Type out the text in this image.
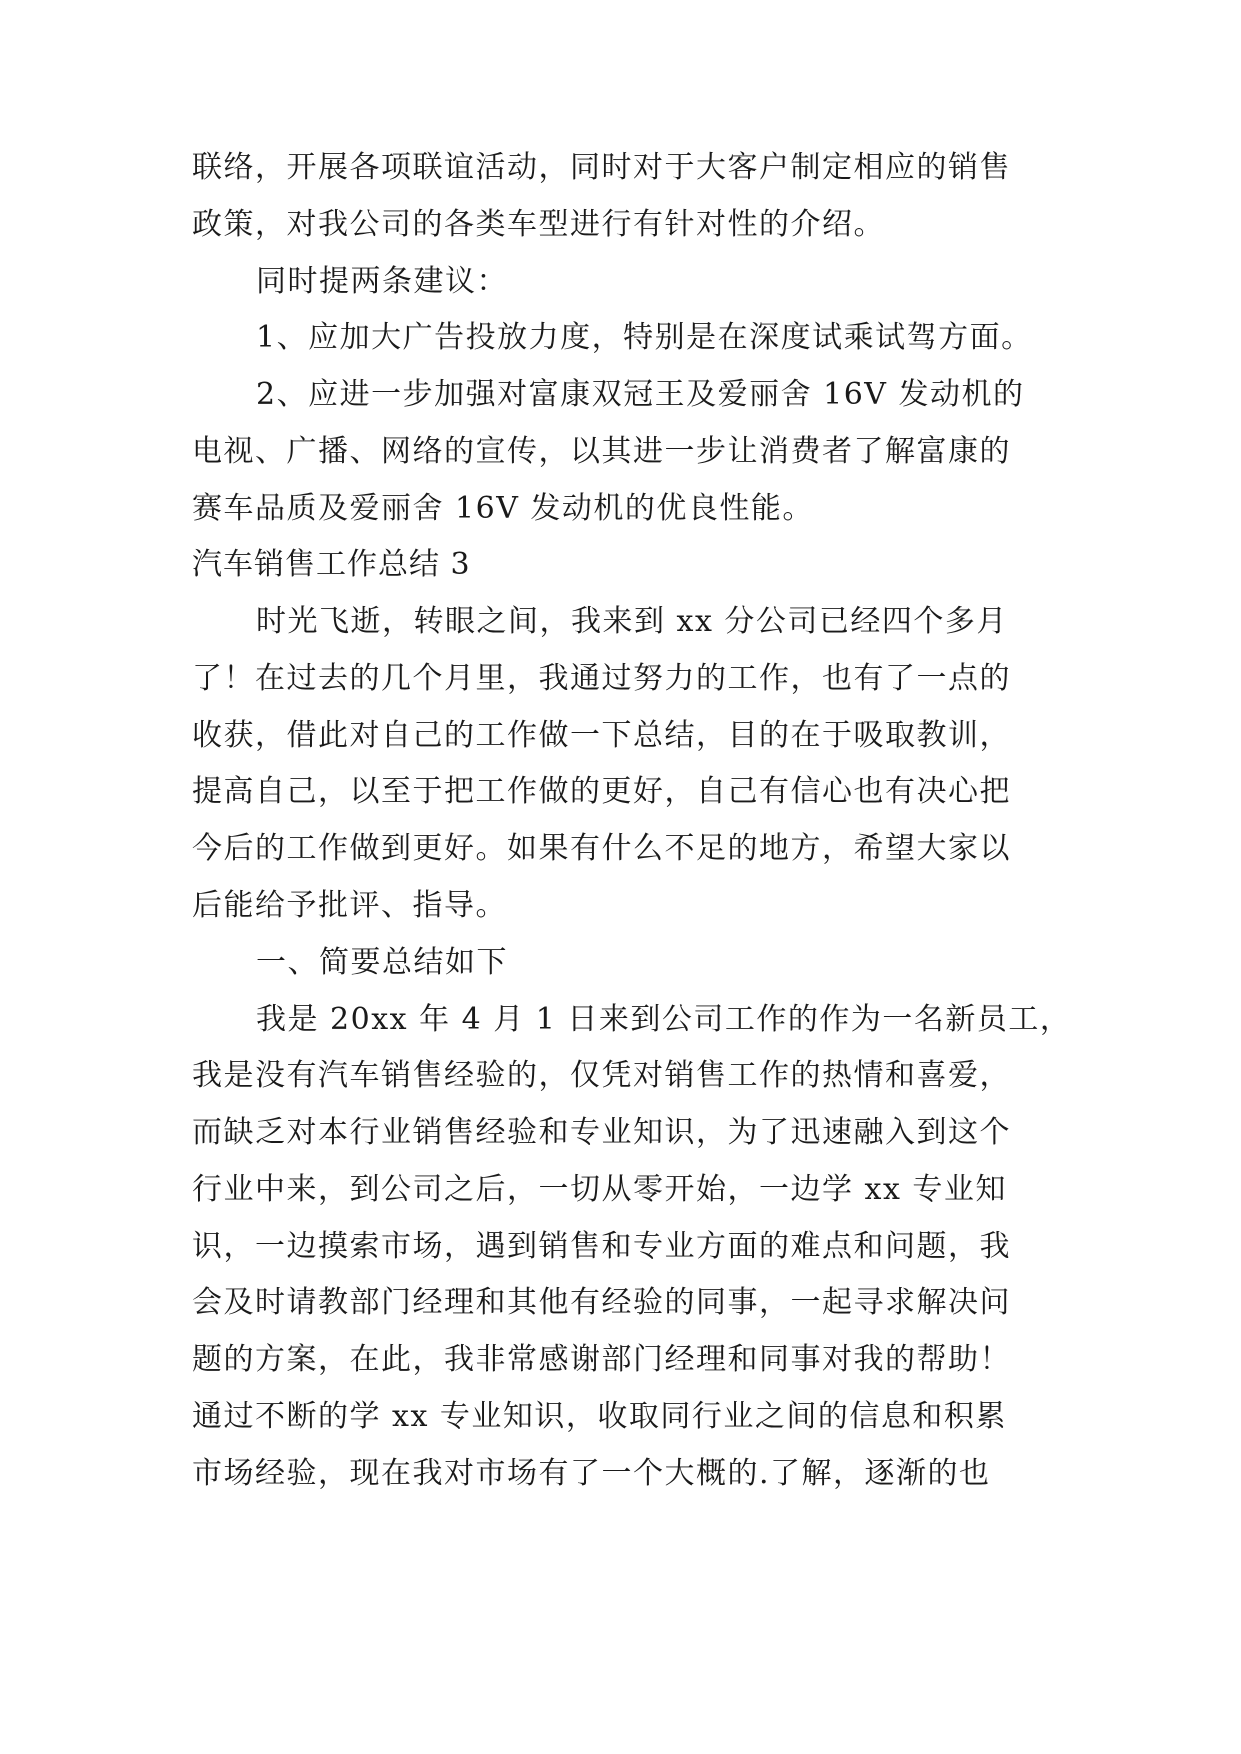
联络，开展各项联谊活动，同时对于大客户制定相应的销售
政策，对我公司的各类车型进行有针对性的介绍。
同时提两条建议：
1、应加大广告投放力度，特别是在深度试乘试驾方面。
2、应进一步加强对富康双冠王及爱丽舍 16V 发动机的
电视、广播、网络的宣传，以其进一步让消费者了解富康的
赛车品质及爱丽舍 16V 发动机的优良性能。
汽车销售工作总结 3
时光飞逝，转眼之间，我来到 xx 分公司已经四个多月
了！在过去的几个月里，我通过努力的工作，也有了一点的
收获，借此对自己的工作做一下总结，目的在于吸取教训，
提高自己，以至于把工作做的更好，自己有信心也有决心把
今后的工作做到更好。如果有什么不足的地方，希望大家以
后能给予批评、指导。
一、简要总结如下
我是 20xx 年 4 月 1 日来到公司工作的作为一名新员工，
我是没有汽车销售经验的，仅凭对销售工作的热情和喜爱，
而缺乏对本行业销售经验和专业知识，为了迅速融入到这个
行业中来，到公司之后，一切从零开始，一边学 xx 专业知
识，一边摸索市场，遇到销售和专业方面的难点和问题，我
会及时请教部门经理和其他有经验的同事，一起寻求解决问
题的方案，在此，我非常感谢部门经理和同事对我的帮助！
通过不断的学 xx 专业知识，收取同行业之间的信息和积累
市场经验，现在我对市场有了一个大概的.了解，逐渐的也
